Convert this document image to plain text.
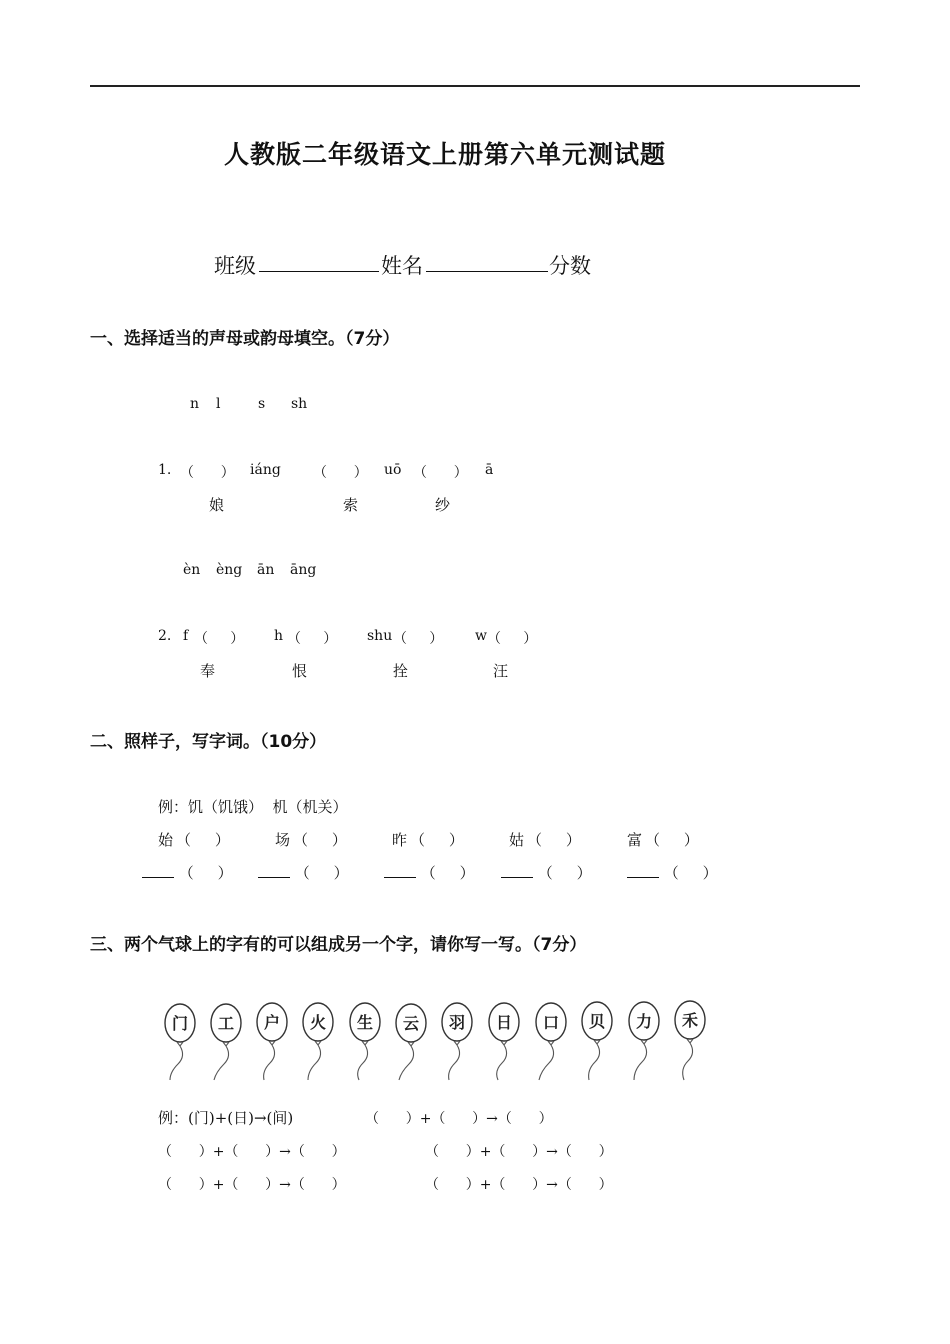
人教版二年级语文上册第六单元测试题
班级	姓名	分数
一、选择适当的声母或韵母填空。（7分）
n l	s sh
1. （      ） iáng （      ） uō （      ） ā
娘	索	纱
èn èng ān āng
2. f （     ） h （     ） shu （     ） w （     ）
奉	恨	拴	汪
二、照样子，写字词。（10分）
例：饥（饥饿）  机（机关）
始 （     ）	场 （     ）	昨 （     ）	姑 （     ）	富 （     ）
（     ）	（     ）	（     ）	（     ）	（     ）
三、两个气球上的字有的可以组成另一个字，请你写一写。（7分）
门 工 户 火 生 云 羽 日 口 贝 力 禾
例：(门)+(日)→(间)	（      ）+（      ）→（      ）
（      ）+（      ）→（      ）	（      ）+（      ）→（      ）
（      ）+（      ）→（      ）	（      ）+（      ）→（      ）
